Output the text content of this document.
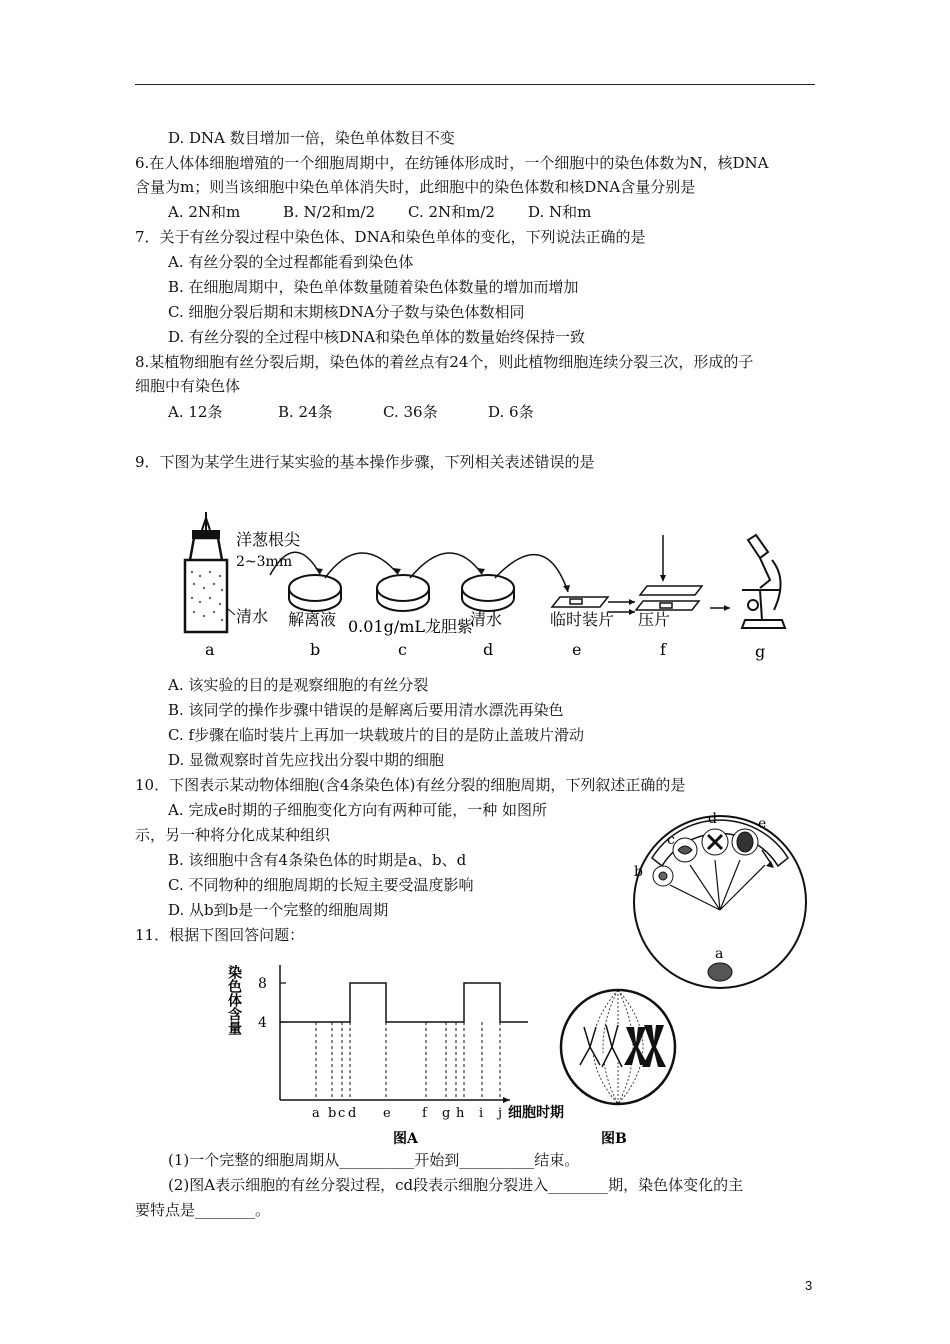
D. DNA 数目增加一倍，染色单体数目不变
6.在人体体细胞增殖的一个细胞周期中，在纺锤体形成时，一个细胞中的染色体数为N，核DNA
含量为m；则当该细胞中染色单体消失时，此细胞中的染色体数和核DNA含量分别是
A. 2N和m	B. N/2和m/2 C. 2N和m/2 D. N和m
7．关于有丝分裂过程中染色体、DNA和染色单体的变化，下列说法正确的是
A. 有丝分裂的全过程都能看到染色体
B. 在细胞周期中，染色单体数量随着染色体数量的增加而增加
C. 细胞分裂后期和末期核DNA分子数与染色体数相同
D. 有丝分裂的全过程中核DNA和染色单体的数量始终保持一致
8.某植物细胞有丝分裂后期，染色体的着丝点有24个，则此植物细胞连续分裂三次，形成的子
细胞中有染色体
A. 12条	B. 24条	C. 36条	D. 6条
9．下图为某学生进行某实验的基本操作步骤，下列相关表述错误的是
洋葱根尖
2~3mm
清水 解离液 0.01g/mL龙胆紫
清水	临时装片 压片
a	b	c	d	e	f	g
A. 该实验的目的是观察细胞的有丝分裂
B. 该同学的操作步骤中错误的是解离后要用清水漂洗再染色
C. f步骤在临时装片上再加一块载玻片的目的是防止盖玻片滑动
D. 显微观察时首先应找出分裂中期的细胞
10．下图表示某动物体细胞(含4条染色体)有丝分裂的细胞周期，下列叙述正确的是
A. 完成e时期的子细胞变化方向有两种可能，一种 如图所
示，另一种将分化成某种组织
B. 该细胞中含有4条染色体的时期是a、b、d
C. 不同物种的细胞周期的长短主要受温度影响
D. 从b到b是一个完整的细胞周期
11．根据下图回答问题：
c
d	e
b
a
染色体含量 8
4
a b c d e f g h i j 细胞时期
图A	图B
(1)一个完整的细胞周期从__________开始到__________结束。
(2)图A表示细胞的有丝分裂过程，cd段表示细胞分裂进入________期，染色体变化的主
要特点是________。
3
